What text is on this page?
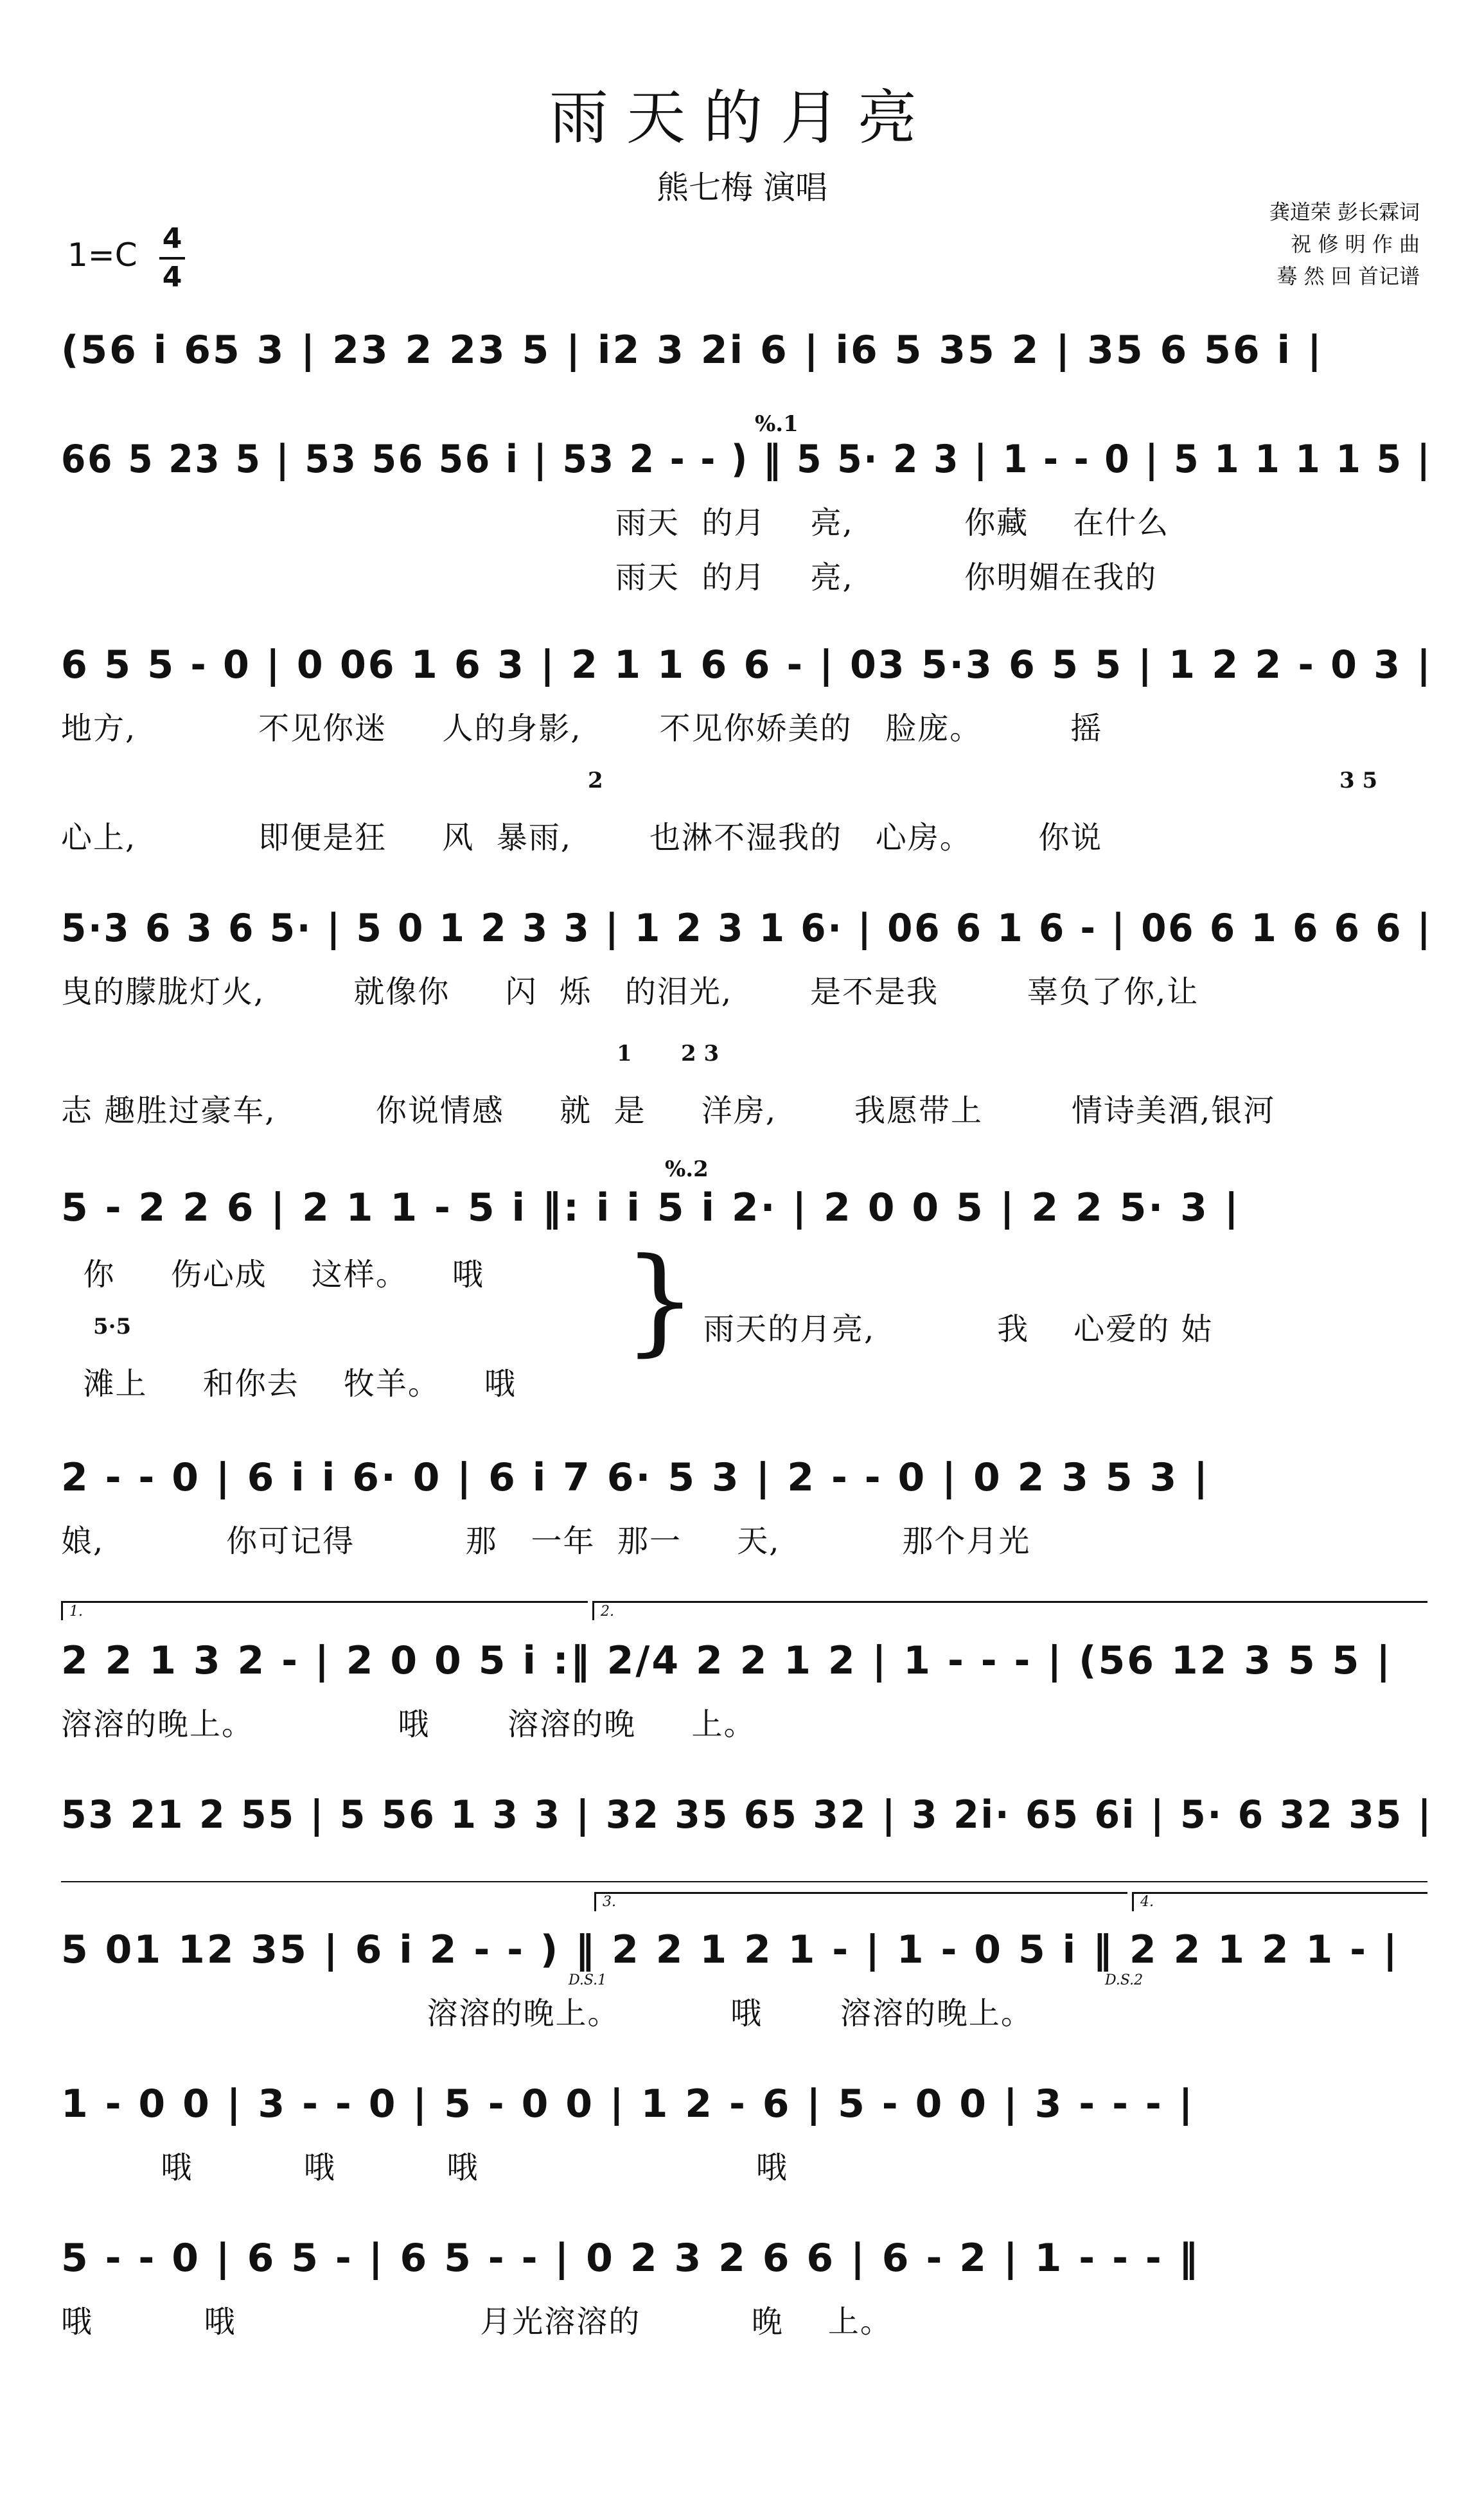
雨天的月亮
熊七梅 演唱
龚道荣 彭长霖词
祝 修 明 作 曲
蓦 然 回 首记谱
1=C 4
4
(56 i 65 3 | 23 2 23 5 | i2 3 2i 6 | i6 5 35 2 | 35 6 56 i |
%.1
66 5 23 5 | 53 56 56 i | 53 2 - - ) ‖ 5 5· 2 3 | 1 - - 0 | 5 1 1 1 1 5 |
雨天  的月    亮,          你藏    在什么
雨天  的月    亮,          你明媚在我的
6 5 5 - 0 | 0 06 1 6 3 | 2 1 1 6 6 - | 03 5·3 6 5 5 | 1 2 2 - 0 3 |
地方,           不见你迷     人的身影,       不见你娇美的   脸庞。        摇
2	3 5
心上,           即便是狂     风  暴雨,       也淋不湿我的   心房。      你说
5·3 6 3 6 5· | 5 0 1 2 3 3 | 1 2 3 1 6· | 06 6 1 6 - | 06 6 1 6 6 6 |
曳的朦胧灯火,        就像你     闪  烁   的泪光,       是不是我        辜负了你,让
1 2 3
志 趣胜过豪车,         你说情感     就  是     洋房,       我愿带上        情诗美酒,银河
%.2
5 - 2 2 6 | 2 1 1 - 5 i ‖: i i 5 i 2· | 2 0 0 5 | 2 2 5· 3 |
你     伤心成    这样。    哦
5·5
滩上     和你去    牧羊。    哦
} 雨天的月亮,           我    心爱的 姑
2 - - 0 | 6 i i 6· 0 | 6 i 7 6· 5 3 | 2 - - 0 | 0 2 3 5 3 |
娘,           你可记得          那   一年  那一     天,           那个月光
1.	2.
2 2 1 3 2 - | 2 0 0 5 i :‖ 2/4 2 2 1 2 | 1 - - - | (56 12 3 5 5 |
溶溶的晚上。             哦       溶溶的晚     上。
53 21 2 55 | 5 56 1 3 3 | 32 35 65 32 | 3 2i· 65 6i | 5· 6 32 35 |
3.	4.
5 01 12 35 | 6 i 2 - - ) ‖ 2 2 1 2 1 - | 1 - 0 5 i ‖ 2 2 1 2 1 - |
D.S.1	D.S.2
溶溶的晚上。          哦       溶溶的晚上。
1 - 0 0 | 3 - - 0 | 5 - 0 0 | 1 2 - 6 | 5 - 0 0 | 3 - - - |
哦          哦          哦                         哦
5 - - 0 | 6 5 - | 6 5 - - | 0 2 3 2 6 6 | 6 - 2 | 1 - - - ‖
哦          哦                      月光溶溶的          晚    上。
